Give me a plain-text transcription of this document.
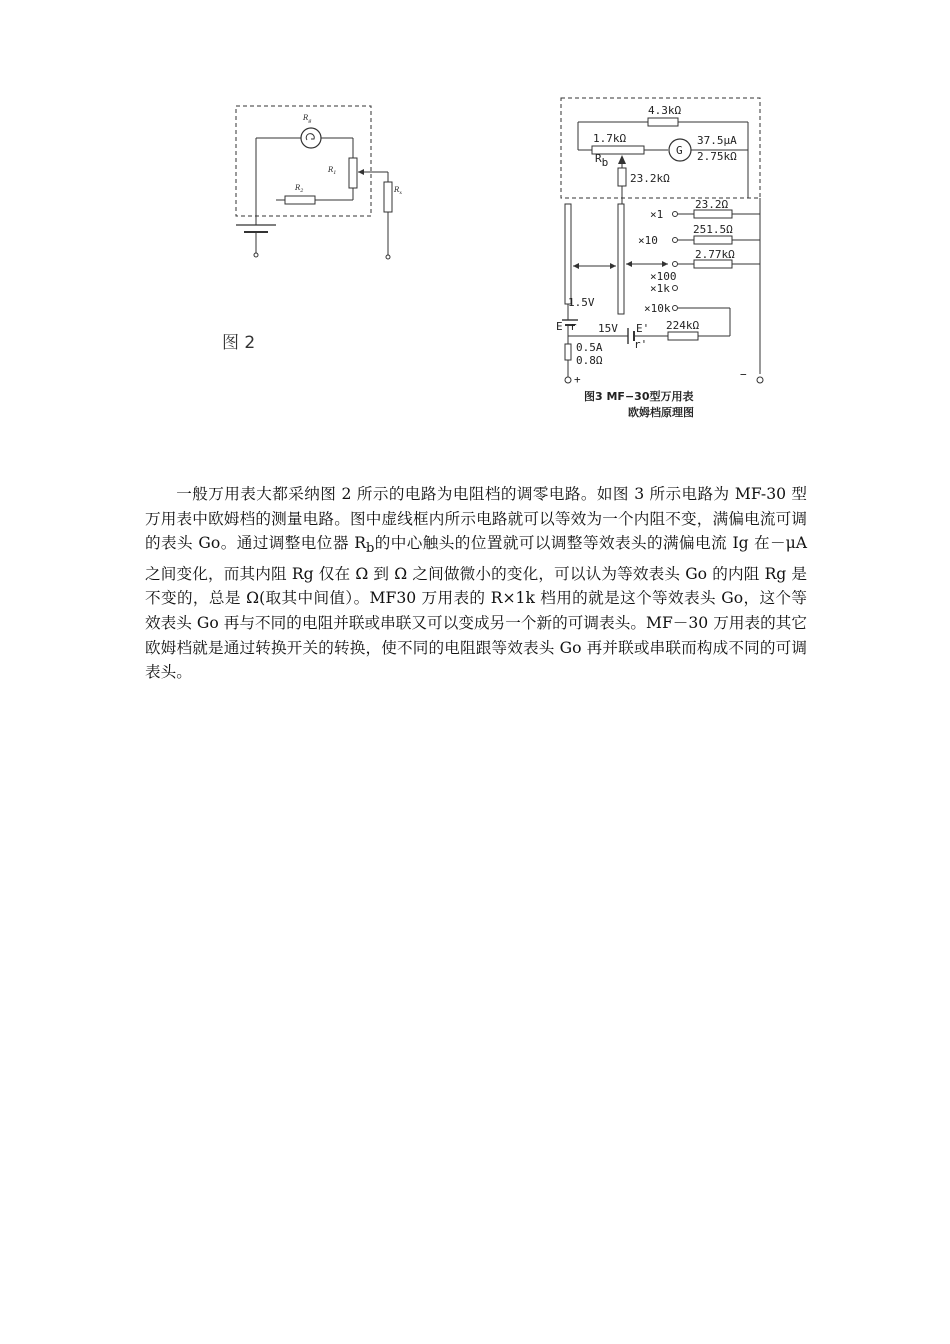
$R_g$
$R_1$
$R_2$	$R_x$
图 2
4.3kΩ
G
1.7kΩ	37.5μA
2.75kΩ
Rb
23.2kΩ
−
×1
23.2Ω
×10
251.5Ω
×100
2.77kΩ
×1k
×10k
1.5V
E r 15V E'
r'
224kΩ
0.5A
0.8Ω
+
图3 MF−30型万用表
欧姆档原理图

一般万用表大都采纳图 2 所示的电路为电阻档的调零电路。如图 3 所示电路为 MF-30 型万用表中欧姆档的测量电路。图中虚线框内所示电路就可以等效为一个内阻不变，满偏电流可调的表头 Go。通过调整电位器 $R_b$的中心触头的位置就可以调整等效表头的满偏电流 Ig 在－μA 之间变化，而其内阻 Rg 仅在 Ω 到 Ω 之间做微小的变化，可以认为等效表头 Go 的内阻 Rg 是不变的，总是 Ω(取其中间值）。MF30 万用表的 R×1k 档用的就是这个等效表头 Go，这个等效表头 Go 再与不同的电阻并联或串联又可以变成另一个新的可调表头。MF－30 万用表的其它欧姆档就是通过转换开关的转换，使不同的电阻跟等效表头 Go 再并联或串联而构成不同的可调表头。
